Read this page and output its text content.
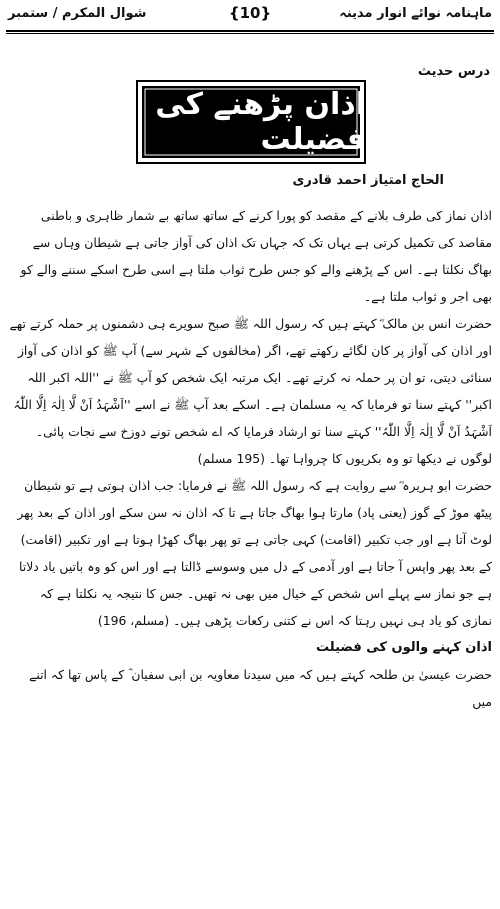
ماہنامہ نوائے انوار مدینہ
{10}
شوال المکرم / ستمبر
درس حدیث
اذان پڑھنے کی فضیلت
الحاج امتیاز احمد قادری

اذان نماز کی طرف بلانے کے مقصد کو پورا کرنے کے ساتھ ساتھ بے شمار ظاہری و باطنی مقاصد کی تکمیل کرتی ہے یہاں تک کہ جہاں تک اذان کی آواز جاتی ہے شیطان وہاں سے بھاگ نکلتا ہے۔ اس کے پڑھنے والے کو جس طرح ثواب ملتا ہے اسی طرح اسکے سننے والے کو بھی اجر و ثواب ملتا ہے۔

حضرت انس بن مالک ؓ کہتے ہیں کہ رسول اللہ ﷺ صبح سویرے ہی دشمنوں پر حملہ کرتے تھے اور اذان کی آواز پر کان لگائے رکھتے تھے، اگر (مخالفوں کے شہر سے) آپ ﷺ کو اذان کی آواز سنائی دیتی، تو ان پر حملہ نہ کرتے تھے۔ ایک مرتبہ ایک شخص کو آپ ﷺ نے ''اللہ اکبر اللہ اکبر'' کہتے سنا تو فرمایا کہ یہ مسلمان ہے۔ اسکے بعد آپ ﷺ نے اسے ''اَشْہَدُ اَنْ لَّا اِلٰہَ اِلَّا اللّٰہُ اَشْہَدُ اَنْ لَّا اِلٰہَ اِلَّا اللّٰہُ'' کہتے سنا تو ارشاد فرمایا کہ اے شخص تونے دوزخ سے نجات پائی۔ لوگوں نے دیکھا تو وہ بکریوں کا چرواہا تھا۔ (195 مسلم)

حضرت ابو ہریرہ ؓ سے روایت ہے کہ رسول اللہ ﷺ نے فرمایا: جب اذان ہوتی ہے تو شیطان پیٹھ موڑ کے گوز (یعنی پاد) مارتا ہوا بھاگ جاتا ہے تا کہ اذان نہ سن سکے اور اذان کے بعد پھر لوٹ آتا ہے اور جب تکبیر (اقامت) کہی جاتی ہے تو پھر بھاگ کھڑا ہوتا ہے اور تکبیر (اقامت) کے بعد پھر واپس آ جاتا ہے اور آدمی کے دل میں وسوسے ڈالتا ہے اور اس کو وہ باتیں یاد دلاتا ہے جو نماز سے پہلے اس شخص کے خیال میں بھی نہ تھیں۔ جس کا نتیجہ یہ نکلتا ہے کہ نمازی کو یاد ہی نہیں رہتا کہ اس نے کتنی رکعات پڑھی ہیں۔ (مسلم، 196)

اذان کہنے والوں کی فضیلت

حضرت عیسیٰ بن طلحہ کہتے ہیں کہ میں سیدنا معاویہ بن ابی سفیان ؓ کے پاس تھا کہ اتنے میں
